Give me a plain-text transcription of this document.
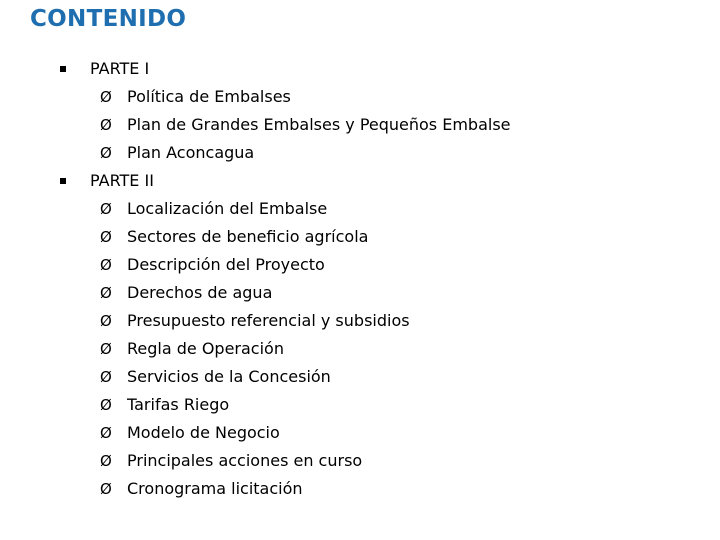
CONTENIDO
PARTE I
Ø Política de Embalses
Ø Plan de Grandes Embalses y Pequeños Embalse
Ø Plan Aconcagua
PARTE II
Ø Localización del Embalse
Ø Sectores de beneficio agrícola
Ø Descripción del Proyecto
Ø Derechos de agua
Ø Presupuesto referencial y subsidios
Ø Regla de Operación
Ø Servicios de la Concesión
Ø Tarifas Riego
Ø Modelo de Negocio
Ø Principales acciones en curso
Ø Cronograma licitación
